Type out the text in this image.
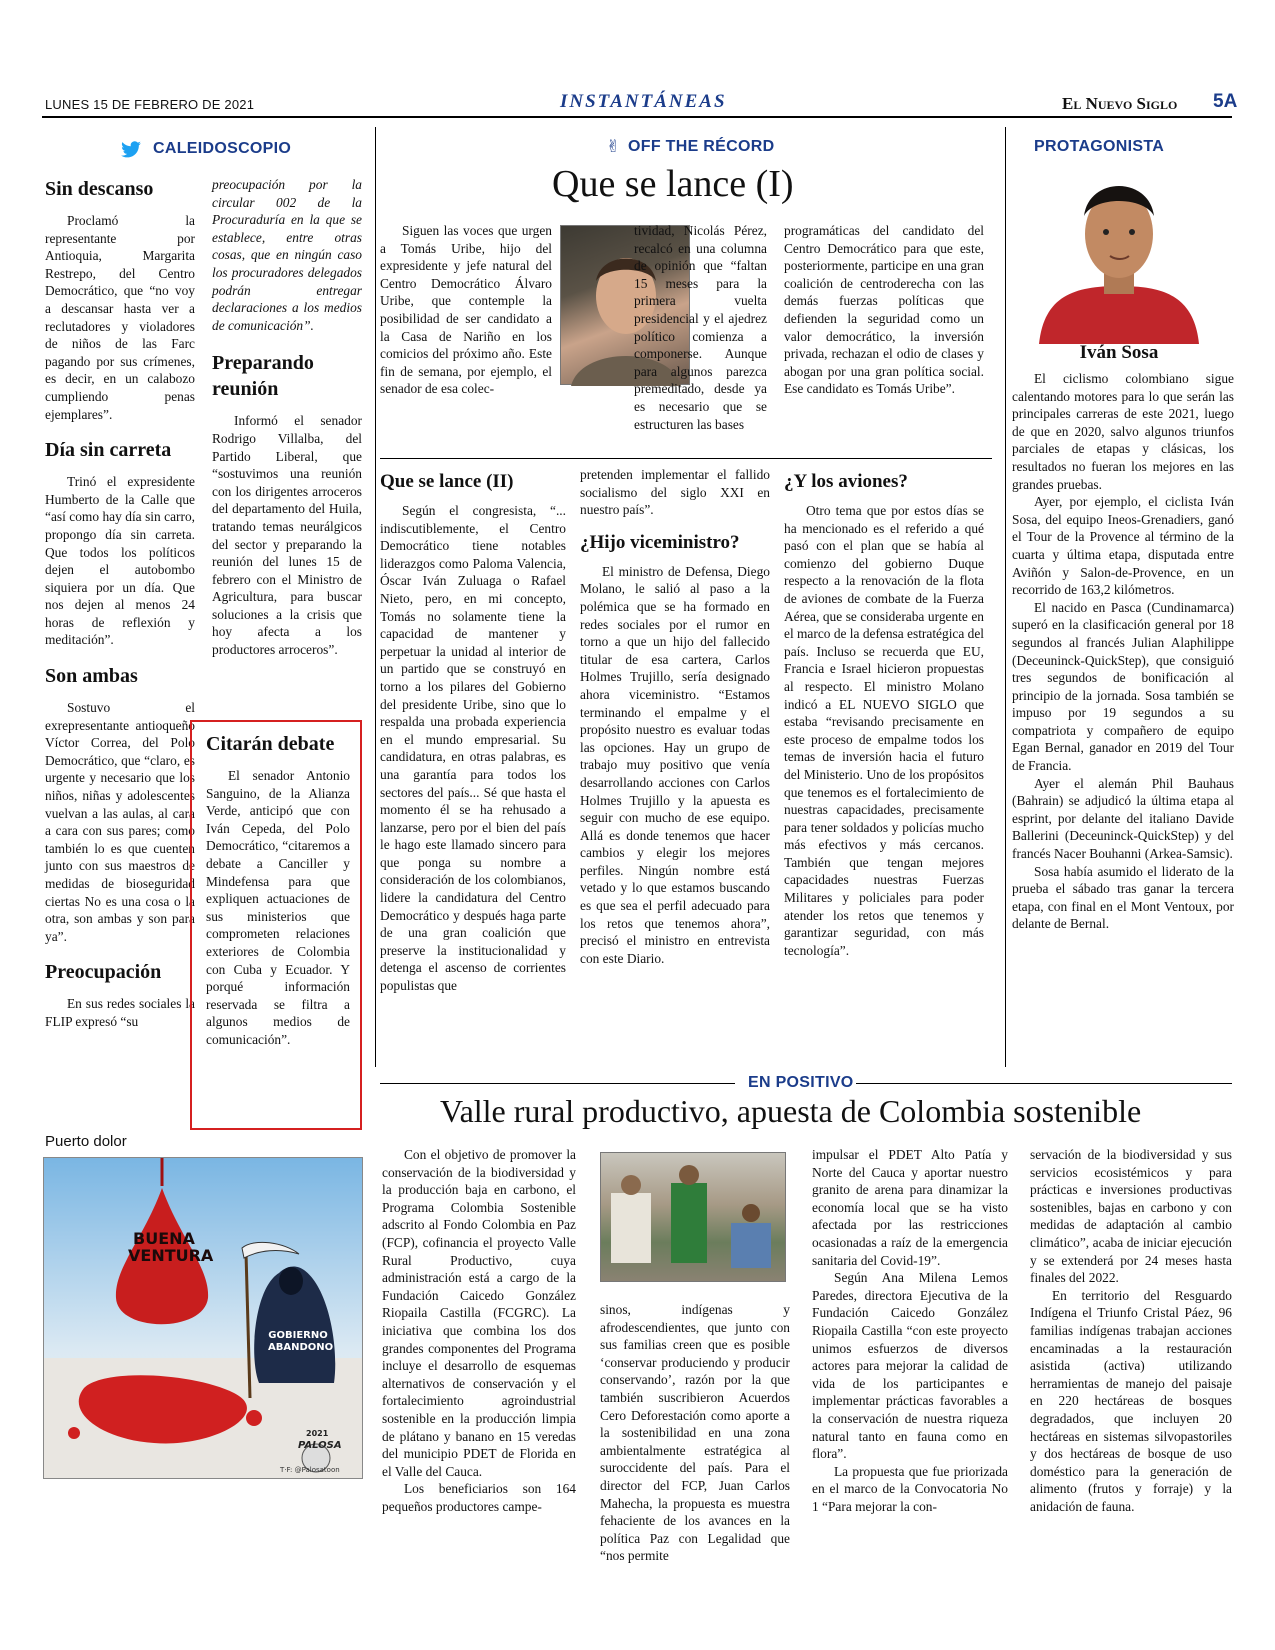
LUNES 15 DE FEBRERO DE 2021	INSTANTÁNEAS	El Nuevo Siglo 5A
CALEIDOSCOPIO
Sin descanso

Proclamó la representante por Antioquia, Margarita Restrepo, del Centro Democrático, que “no voy a descansar hasta ver a reclutadores y violadores de niños de las Farc pagando por sus crímenes, es decir, en un calabozo cumpliendo penas ejemplares”.

Día sin carreta

Trinó el expresidente Humberto de la Calle que “así como hay día sin carro, propongo día sin carreta. Que todos los políticos dejen el autobombo siquiera por un día. Que nos dejen al menos 24 horas de reflexión y meditación”.

Son ambas

Sostuvo el exrepresentante antioqueño Víctor Correa, del Polo Democrático, que “claro, es urgente y necesario que los niños, niñas y adolescentes vuelvan a las aulas, al cara a cara con sus pares; como también lo es que cuenten junto con sus maestros de medidas de bioseguridad ciertas No es una cosa o la otra, son ambas y son para ya”.

Preocupación

En sus redes sociales la FLIP expresó “su

preocupación por la circular 002 de la Procuraduría en la que se establece, entre otras cosas, que en ningún caso los procuradores delegados podrán entregar declaraciones a los medios de comunicación”.

Preparando reunión

Informó el senador Rodrigo Villalba, del Partido Liberal, que “sostuvimos una reunión con los dirigentes arroceros del departamento del Huila, tratando temas neurálgicos del sector y preparando la reunión del lunes 15 de febrero con el Ministro de Agricultura, para buscar soluciones a la crisis que hoy afecta a los productores arroceros”.

Citarán debate

El senador Antonio Sanguino, de la Alianza Verde, anticipó que con Iván Cepeda, del Polo Democrático, “citaremos a debate a Canciller y Mindefensa para que expliquen actuaciones de sus ministerios que comprometen relaciones exteriores de Colombia con Cuba y Ecuador. Y porqué información reservada se filtra a algunos medios de comunicación”.

Puerto dolor
BUENA VENTURA
GOBIERNO ABANDONO
PALOSA
2021
T·F: @Palosatoon
✌ OFF THE RÉCORD
Que se lance (I)

Siguen las voces que urgen a Tomás Uribe, hijo del expresidente y jefe natural del Centro Democrático Álvaro Uribe, que contemple la posibilidad de ser candidato a la Casa de Nariño en los comicios del próximo año. Este fin de semana, por ejemplo, el senador de esa colec-

tividad, Nicolás Pérez, recalcó en una columna de opinión que “faltan 15 meses para la primera vuelta presidencial y el ajedrez político comienza a componerse. Aunque para algunos parezca premeditado, desde ya es necesario que se estructuren las bases

programáticas del candidato del Centro Democrático para que este, posteriormente, participe en una gran coalición de centroderecha con las demás fuerzas políticas que defienden la seguridad como un valor democrático, la inversión privada, rechazan el odio de clases y abogan por una gran política social. Ese candidato es Tomás Uribe”.

Que se lance (II)

Según el congresista, “... indiscutiblemente, el Centro Democrático tiene notables liderazgos como Paloma Valencia, Óscar Iván Zuluaga o Rafael Nieto, pero, en mi concepto, Tomás no solamente tiene la capacidad de mantener y perpetuar la unidad al interior de un partido que se construyó en torno a los pilares del Gobierno del presidente Uribe, sino que lo respalda una probada experiencia en el mundo empresarial. Su candidatura, en otras palabras, es una garantía para todos los sectores del país... Sé que hasta el momento él se ha rehusado a lanzarse, pero por el bien del país le hago este llamado sincero para que ponga su nombre a consideración de los colombianos, lidere la candidatura del Centro Democrático y después haga parte de una gran coalición que preserve la institucionalidad y detenga el ascenso de corrientes populistas que

pretenden implementar el fallido socialismo del siglo XXI en nuestro país”.

¿Hijo viceministro?

El ministro de Defensa, Diego Molano, le salió al paso a la polémica que se ha formado en redes sociales por el rumor en torno a que un hijo del fallecido titular de esa cartera, Carlos Holmes Trujillo, sería designado ahora viceministro. “Estamos terminando el empalme y el propósito nuestro es evaluar todas las opciones. Hay un grupo de trabajo muy positivo que venía desarrollando acciones con Carlos Holmes Trujillo y la apuesta es seguir con mucho de ese equipo. Allá es donde tenemos que hacer cambios y elegir los mejores perfiles. Ningún nombre está vetado y lo que estamos buscando es que sea el perfil adecuado para los retos que tenemos ahora”, precisó el ministro en entrevista con este Diario.

¿Y los aviones?

Otro tema que por estos días se ha mencionado es el referido a qué pasó con el plan que se había al comienzo del gobierno Duque respecto a la renovación de la flota de aviones de combate de la Fuerza Aérea, que se consideraba urgente en el marco de la defensa estratégica del país. Incluso se recuerda que EU, Francia e Israel hicieron propuestas al respecto. El ministro Molano indicó a EL NUEVO SIGLO que estaba “revisando precisamente en este proceso de empalme todos los temas de inversión hacia el futuro del Ministerio. Uno de los propósitos que tenemos es el fortalecimiento de nuestras capacidades, precisamente para tener soldados y policías mucho más efectivos y más cercanos. También que tengan mejores capacidades nuestras Fuerzas Militares y policiales para poder atender los retos que tenemos y garantizar seguridad, con más tecnología”.

PROTAGONISTA
Iván Sosa

El ciclismo colombiano sigue calentando motores para lo que serán las principales carreras de este 2021, luego de que en 2020, salvo algunos triunfos parciales de etapas y clásicas, los resultados no fueran los mejores en las grandes pruebas.

Ayer, por ejemplo, el ciclista Iván Sosa, del equipo Ineos-Grenadiers, ganó el Tour de la Provence al término de la cuarta y última etapa, disputada entre Aviñón y Salon-de-Provence, en un recorrido de 163,2 kilómetros.

El nacido en Pasca (Cundinamarca) superó en la clasificación general por 18 segundos al francés Julian Alaphilippe (Deceuninck-QuickStep), que consiguió tres segundos de bonificación al principio de la jornada. Sosa también se impuso por 19 segundos a su compatriota y compañero de equipo Egan Bernal, ganador en 2019 del Tour de Francia.

Ayer el alemán Phil Bauhaus (Bahrain) se adjudicó la última etapa al esprint, por delante del italiano Davide Ballerini (Deceuninck-QuickStep) y del francés Nacer Bouhanni (Arkea-Samsic).

Sosa había asumido el liderato de la prueba el sábado tras ganar la tercera etapa, con final en el Mont Ventoux, por delante de Bernal.

EN POSITIVO
Valle rural productivo, apuesta de Colombia sostenible

Con el objetivo de promover la conservación de la biodiversidad y la producción baja en carbono, el Programa Colombia Sostenible adscrito al Fondo Colombia en Paz (FCP), cofinancia el proyecto Valle Rural Productivo, cuya administración está a cargo de la Fundación Caicedo González Riopaila Castilla (FCGRC). La iniciativa que combina los dos grandes componentes del Programa incluye el desarrollo de esquemas alternativos de conservación y el fortalecimiento agroindustrial sostenible en la producción limpia de plátano y banano en 15 veredas del municipio PDET de Florida en el Valle del Cauca.

Los beneficiarios son 164 pequeños productores campe-

sinos, indígenas y afrodescendientes, que junto con sus familias creen que es posible ‘conservar produciendo y producir conservando’, razón por la que también suscribieron Acuerdos Cero Deforestación como aporte a la sostenibilidad en una zona ambientalmente estratégica al suroccidente del país. Para el director del FCP, Juan Carlos Mahecha, la propuesta es muestra fehaciente de los avances en la política Paz con Legalidad que “nos permite

impulsar el PDET Alto Patía y Norte del Cauca y aportar nuestro granito de arena para dinamizar la economía local que se ha visto afectada por las restricciones ocasionadas a raíz de la emergencia sanitaria del Covid-19”.

Según Ana Milena Lemos Paredes, directora Ejecutiva de la Fundación Caicedo González Riopaila Castilla “con este proyecto unimos esfuerzos de diversos actores para mejorar la calidad de vida de los participantes e implementar prácticas favorables a la conservación de nuestra riqueza natural tanto en fauna como en flora”.

La propuesta que fue priorizada en el marco de la Convocatoria No 1 “Para mejorar la con-

servación de la biodiversidad y sus servicios ecosistémicos y para prácticas e inversiones productivas sostenibles, bajas en carbono y con medidas de adaptación al cambio climático”, acaba de iniciar ejecución y se extenderá por 24 meses hasta finales del 2022.

En territorio del Resguardo Indígena el Triunfo Cristal Páez, 96 familias indígenas trabajan acciones encaminadas a la restauración asistida (activa) utilizando herramientas de manejo del paisaje en 220 hectáreas de bosques degradados, que incluyen 20 hectáreas en sistemas silvopastoriles y dos hectáreas de bosque de uso doméstico para la generación de alimento (frutos y forraje) y la anidación de fauna.
